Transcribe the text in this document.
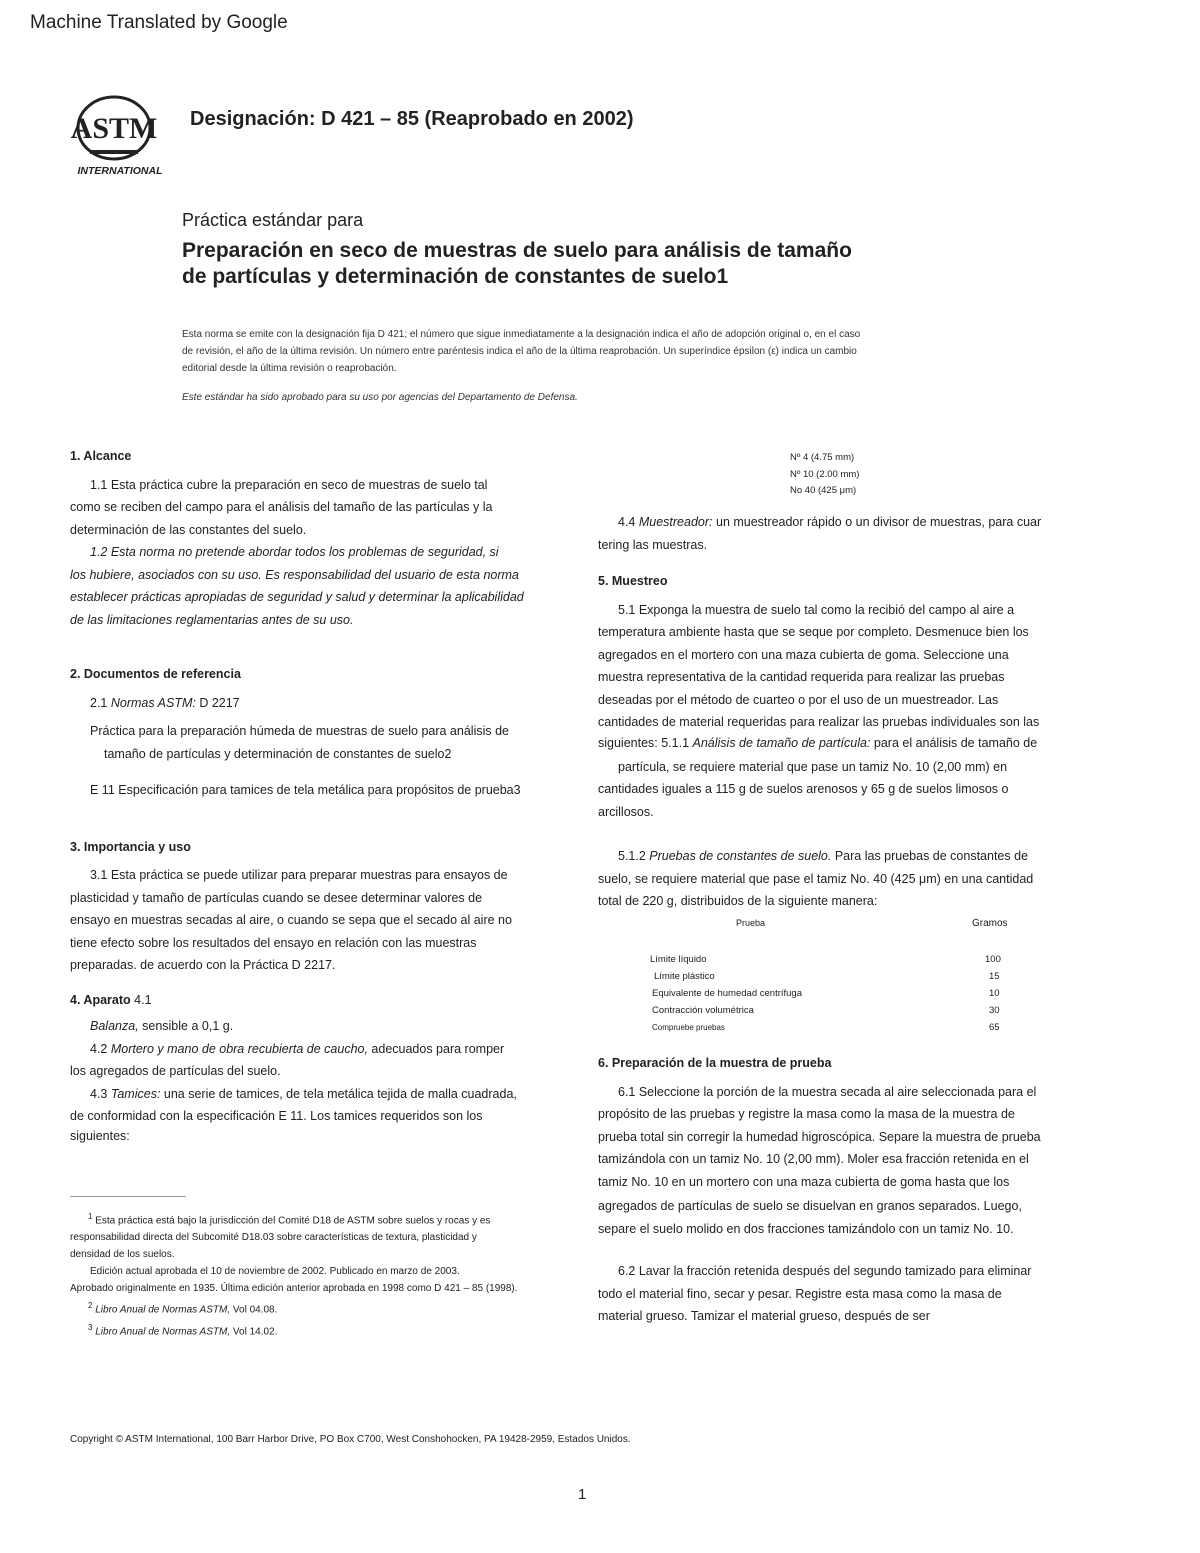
Machine Translated by Google
ASTM
INTERNATIONAL
Designación: D 421 – 85 (Reaprobado en 2002)
Práctica estándar para
Preparación en seco de muestras de suelo para análisis de tamaño
de partículas y determinación de constantes de suelo1
Esta norma se emite con la designación fija D 421; el número que sigue inmediatamente a la designación indica el año de adopción original o, en el caso
de revisión, el año de la última revisión. Un número entre paréntesis indica el año de la última reaprobación. Un superíndice épsilon (ε) indica un cambio
editorial desde la última revisión o reaprobación.
Este estándar ha sido aprobado para su uso por agencias del Departamento de Defensa.
1. Alcance
1.1 Esta práctica cubre la preparación en seco de muestras de suelo tal
como se reciben del campo para el análisis del tamaño de las partículas y la
determinación de las constantes del suelo.
1.2 Esta norma no pretende abordar todos los problemas de seguridad, si
los hubiere, asociados con su uso. Es responsabilidad del usuario de esta norma
establecer prácticas apropiadas de seguridad y salud y determinar la aplicabilidad
de las limitaciones reglamentarias antes de su uso.
2. Documentos de referencia
2.1 Normas ASTM: D 2217
Práctica para la preparación húmeda de muestras de suelo para análisis de
tamaño de partículas y determinación de constantes de suelo2
E 11 Especificación para tamices de tela metálica para propósitos de prueba3
3. Importancia y uso
3.1 Esta práctica se puede utilizar para preparar muestras para ensayos de
plasticidad y tamaño de partículas cuando se desee determinar valores de
ensayo en muestras secadas al aire, o cuando se sepa que el secado al aire no
tiene efecto sobre los resultados del ensayo en relación con las muestras
preparadas. de acuerdo con la Práctica D 2217.
4. Aparato 4.1
Balanza, sensible a 0,1 g.
4.2 Mortero y mano de obra recubierta de caucho, adecuados para romper
los agregados de partículas del suelo.
4.3 Tamices: una serie de tamices, de tela metálica tejida de malla cuadrada,
de conformidad con la especificación E 11. Los tamices requeridos son los
siguientes:
$^1$ Esta práctica está bajo la jurisdicción del Comité D18 de ASTM sobre suelos y rocas y es
responsabilidad directa del Subcomité D18.03 sobre características de textura, plasticidad y
densidad de los suelos.
Edición actual aprobada el 10 de noviembre de 2002. Publicado en marzo de 2003.
Aprobado originalmente en 1935. Última edición anterior aprobada en 1998 como D 421 – 85 (1998).
$^2$ Libro Anual de Normas ASTM, Vol 04.08.
$^3$ Libro Anual de Normas ASTM, Vol 14.02.
Nº 4 (4.75 mm)
Nº 10 (2.00 mm)
No 40 (425 μm)
4.4 Muestreador: un muestreador rápido o un divisor de muestras, para cuar
tering las muestras.
5. Muestreo
5.1 Exponga la muestra de suelo tal como la recibió del campo al aire a
temperatura ambiente hasta que se seque por completo. Desmenuce bien los
agregados en el mortero con una maza cubierta de goma. Seleccione una
muestra representativa de la cantidad requerida para realizar las pruebas
deseadas por el método de cuarteo o por el uso de un muestreador. Las
cantidades de material requeridas para realizar las pruebas individuales son las
siguientes: 5.1.1 Análisis de tamaño de partícula: para el análisis de tamaño de
partícula, se requiere material que pase un tamiz No. 10 (2,00 mm) en
cantidades iguales a 115 g de suelos arenosos y 65 g de suelos limosos o
arcillosos.
5.1.2 Pruebas de constantes de suelo. Para las pruebas de constantes de
suelo, se requiere material que pase el tamiz No. 40 (425 μm) en una cantidad
total de 220 g, distribuidos de la siguiente manera:
Prueba	Gramos
Límite líquido	100
Límite plástico	15
Equivalente de humedad centrífuga	10
Contracción volumétrica	30
Compruebe pruebas	65
6. Preparación de la muestra de prueba
6.1 Seleccione la porción de la muestra secada al aire seleccionada para el
propósito de las pruebas y registre la masa como la masa de la muestra de
prueba total sin corregir la humedad higroscópica. Separe la muestra de prueba
tamizándola con un tamiz No. 10 (2,00 mm). Moler esa fracción retenida en el
tamiz No. 10 en un mortero con una maza cubierta de goma hasta que los
agregados de partículas de suelo se disuelvan en granos separados. Luego,
separe el suelo molido en dos fracciones tamizándolo con un tamiz No. 10.
6.2 Lavar la fracción retenida después del segundo tamizado para eliminar
todo el material fino, secar y pesar. Registre esta masa como la masa de
material grueso. Tamizar el material grueso, después de ser
Copyright © ASTM International, 100 Barr Harbor Drive, PO Box C700, West Conshohocken, PA 19428-2959, Estados Unidos.
1
